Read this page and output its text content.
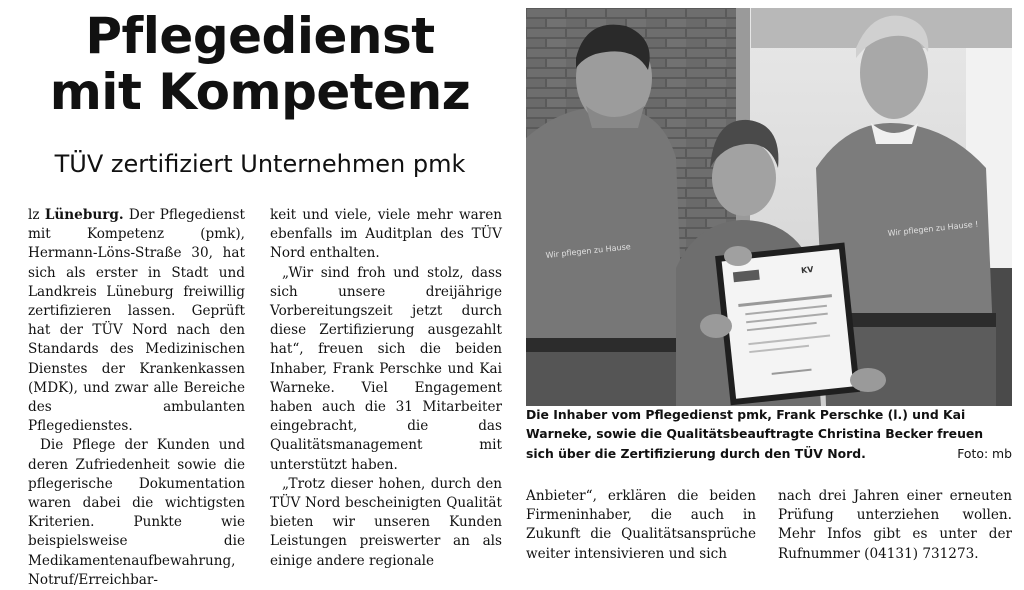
Pflegedienst
mit Kompetenz
TÜV zertifiziert Unternehmen pmk

lz Lüneburg. Der Pflegedienst mit Kompetenz (pmk), Hermann-Löns-Straße 30, hat sich als erster in Stadt und Landkreis Lüneburg freiwillig zertifizieren lassen. Geprüft hat der TÜV Nord nach den Standards des Medizinischen Dienstes der Krankenkassen (MDK), und zwar alle Bereiche des ambulanten Pflegedienstes.

Die Pflege der Kunden und deren Zufriedenheit sowie die pflegerische Dokumentation waren dabei die wichtigsten Kriterien. Punkte wie beispielsweise die Medikamentenaufbewahrung, Notruf/Erreichbar-

keit und viele, viele mehr waren ebenfalls im Auditplan des TÜV Nord enthalten.

„Wir sind froh und stolz, dass sich unsere dreijährige Vorbereitungszeit jetzt durch diese Zertifizierung ausgezahlt hat“, freuen sich die beiden Inhaber, Frank Perschke und Kai Warneke. Viel Engagement haben auch die 31 Mitarbeiter eingebracht, die das Qualitätsmanagement mit unterstützt haben.

„Trotz dieser hohen, durch den TÜV Nord bescheinigten Qualität bieten wir unseren Kunden Leistungen preiswerter an als einige andere regionale

Wir pflegen zu Hause
Wir pflegen zu Hause !
KV
Die Inhaber vom Pflegedienst pmk, Frank Perschke (l.) und Kai Warneke, sowie die Qualitätsbeauftragte Christina Becker freuen sich über die Zertifizierung durch den TÜV Nord.	Foto: mb

Anbieter“, erklären die beiden Firmeninhaber, die auch in Zukunft die Qualitätsansprüche weiter intensivieren und sich

nach drei Jahren einer erneuten Prüfung unterziehen wollen. Mehr Infos gibt es unter der Rufnummer (04131) 731273.
